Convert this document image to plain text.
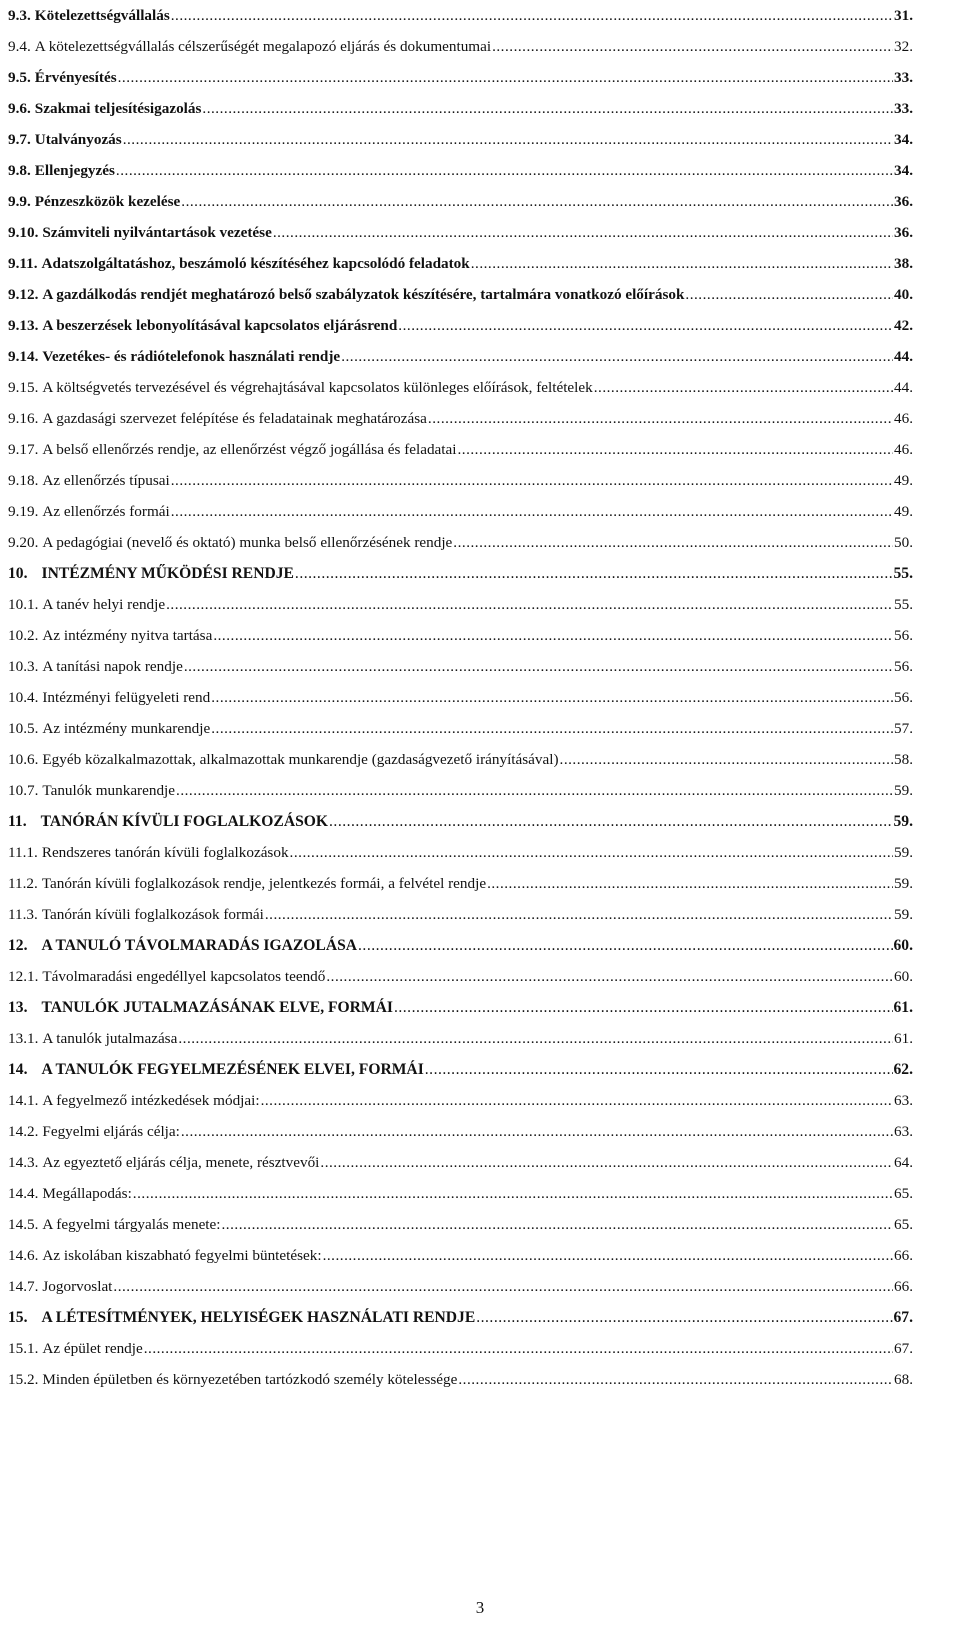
9.3. Kötelezettségvállalás .....	31.
9.4. A kötelezettségvállalás célszerűségét megalapozó eljárás és dokumentumai .....	32.
9.5. Érvényesítés .....	33.
9.6. Szakmai teljesítésigazolás .....	33.
9.7. Utalványozás .....	34.
9.8. Ellenjegyzés .....	34.
9.9. Pénzeszközök kezelése .....	36.
9.10. Számviteli nyilvántartások vezetése .....	36.
9.11. Adatszolgáltatáshoz, beszámoló készítéséhez kapcsolódó feladatok .....	38.
9.12. A gazdálkodás rendjét meghatározó belső szabályzatok készítésére, tartalmára vonatkozó előírások .....	40.
9.13. A beszerzések lebonyolításával kapcsolatos eljárásrend .....	42.
9.14. Vezetékes- és rádiótelefonok használati rendje .....	44.
9.15. A költségvetés tervezésével és végrehajtásával kapcsolatos különleges előírások, feltételek .....	44.
9.16. A gazdasági szervezet felépítése és feladatainak meghatározása .....	46.
9.17. A belső ellenőrzés rendje, az ellenőrzést végző jogállása és feladatai .....	46.
9.18. Az ellenőrzés típusai .....	49.
9.19. Az ellenőrzés formái .....	49.
9.20. A pedagógiai (nevelő és oktató) munka belső ellenőrzésének rendje .....	50.
10. INTÉZMÉNY MŰKÖDÉSI RENDJE .....	55.
10.1. A tanév helyi rendje .....	55.
10.2. Az intézmény nyitva tartása .....	56.
10.3. A tanítási napok rendje .....	56.
10.4. Intézményi felügyeleti rend .....	56.
10.5. Az intézmény munkarendje .....	57.
10.6. Egyéb közalkalmazottak, alkalmazottak munkarendje (gazdaságvezető irányításával) .....	58.
10.7. Tanulók munkarendje .....	59.
11. TANÓRÁN KÍVÜLI FOGLALKOZÁSOK .....	59.
11.1. Rendszeres tanórán kívüli foglalkozások .....	59.
11.2. Tanórán kívüli foglalkozások rendje, jelentkezés formái, a felvétel rendje .....	59.
11.3. Tanórán kívüli foglalkozások formái .....	59.
12. A TANULÓ TÁVOLMARADÁS IGAZOLÁSA .....	60.
12.1. Távolmaradási engedéllyel kapcsolatos teendő .....	60.
13. TANULÓK JUTALMAZÁSÁNAK ELVE, FORMÁI .....	61.
13.1. A tanulók jutalmazása .....	61.
14. A TANULÓK FEGYELMEZÉSÉNEK ELVEI, FORMÁI .....	62.
14.1. A fegyelmező intézkedések módjai: .....	63.
14.2. Fegyelmi eljárás célja: .....	63.
14.3. Az egyeztető eljárás célja, menete, résztvevői .....	64.
14.4. Megállapodás: .....	65.
14.5. A fegyelmi tárgyalás menete: .....	65.
14.6. Az iskolában kiszabható fegyelmi büntetések: .....	66.
14.7. Jogorvoslat .....	66.
15. A LÉTESÍTMÉNYEK, HELYISÉGEK HASZNÁLATI RENDJE .....	67.
15.1. Az épület rendje .....	67.
15.2. Minden épületben és környezetében tartózkodó személy kötelessége .....	68.
3
